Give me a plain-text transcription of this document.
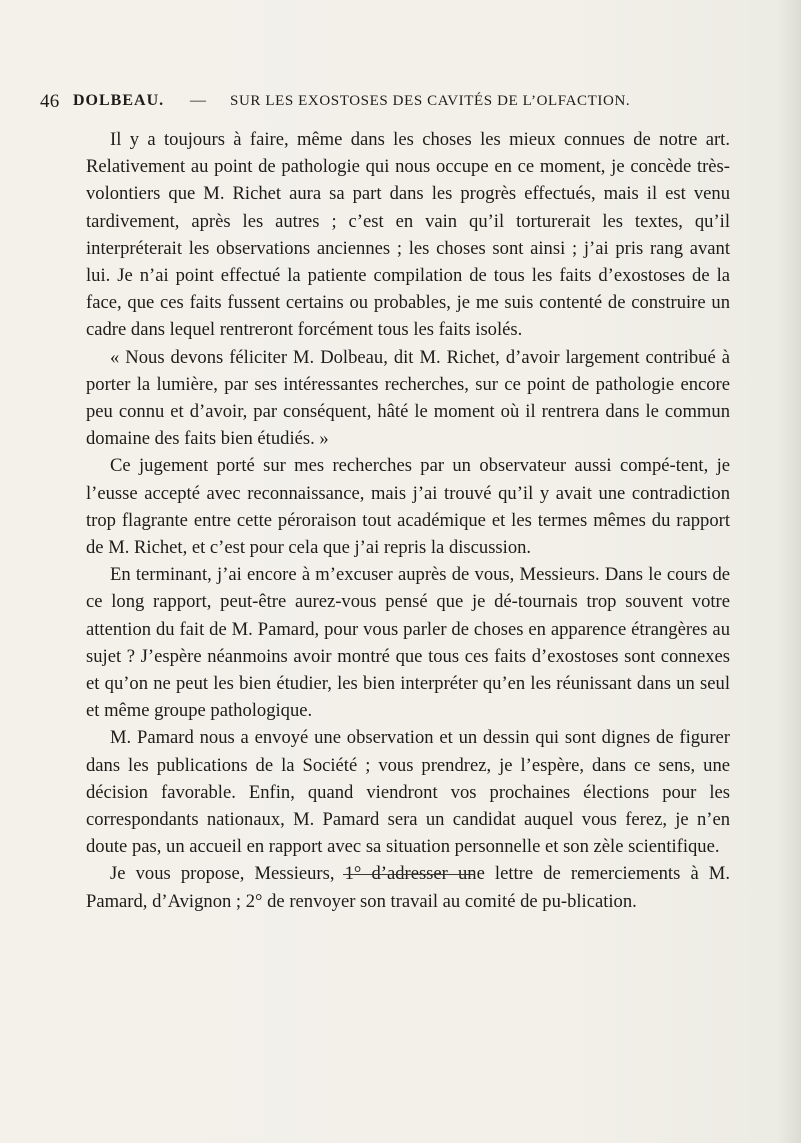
46 DOLBEAU. — SUR LES EXOSTOSES DES CAVITÉS DE L’OLFACTION.

Il y a toujours à faire, même dans les choses les mieux connues de notre art. Relativement au point de pathologie qui nous occupe en ce moment, je concède très-volontiers que M. Richet aura sa part dans les progrès effectués, mais il est venu tardivement, après les autres ; c’est en vain qu’il torturerait les textes, qu’il interpréterait les observations anciennes ; les choses sont ainsi ; j’ai pris rang avant lui. Je n’ai point effectué la patiente compilation de tous les faits d’exostoses de la face, que ces faits fussent certains ou probables, je me suis contenté de construire un cadre dans lequel rentreront forcément tous les faits isolés.

« Nous devons féliciter M. Dolbeau, dit M. Richet, d’avoir largement contribué à porter la lumière, par ses intéressantes recherches, sur ce point de pathologie encore peu connu et d’avoir, par conséquent, hâté le moment où il rentrera dans le commun domaine des faits bien étudiés. »

Ce jugement porté sur mes recherches par un observateur aussi compé-tent, je l’eusse accepté avec reconnaissance, mais j’ai trouvé qu’il y avait une contradiction trop flagrante entre cette péroraison tout académique et les termes mêmes du rapport de M. Richet, et c’est pour cela que j’ai repris la discussion.

En terminant, j’ai encore à m’excuser auprès de vous, Messieurs. Dans le cours de ce long rapport, peut-être aurez-vous pensé que je dé-tournais trop souvent votre attention du fait de M. Pamard, pour vous parler de choses en apparence étrangères au sujet ? J’espère néanmoins avoir montré que tous ces faits d’exostoses sont connexes et qu’on ne peut les bien étudier, les bien interpréter qu’en les réunissant dans un seul et même groupe pathologique.

M. Pamard nous a envoyé une observation et un dessin qui sont dignes de figurer dans les publications de la Société ; vous prendrez, je l’espère, dans ce sens, une décision favorable. Enfin, quand viendront vos prochaines élections pour les correspondants nationaux, M. Pamard sera un candidat auquel vous ferez, je n’en doute pas, un accueil en rapport avec sa situation personnelle et son zèle scientifique.

Je vous propose, Messieurs, 1° d’adresser une lettre de remerciements à M. Pamard, d’Avignon ; 2° de renvoyer son travail au comité de pu-blication.
